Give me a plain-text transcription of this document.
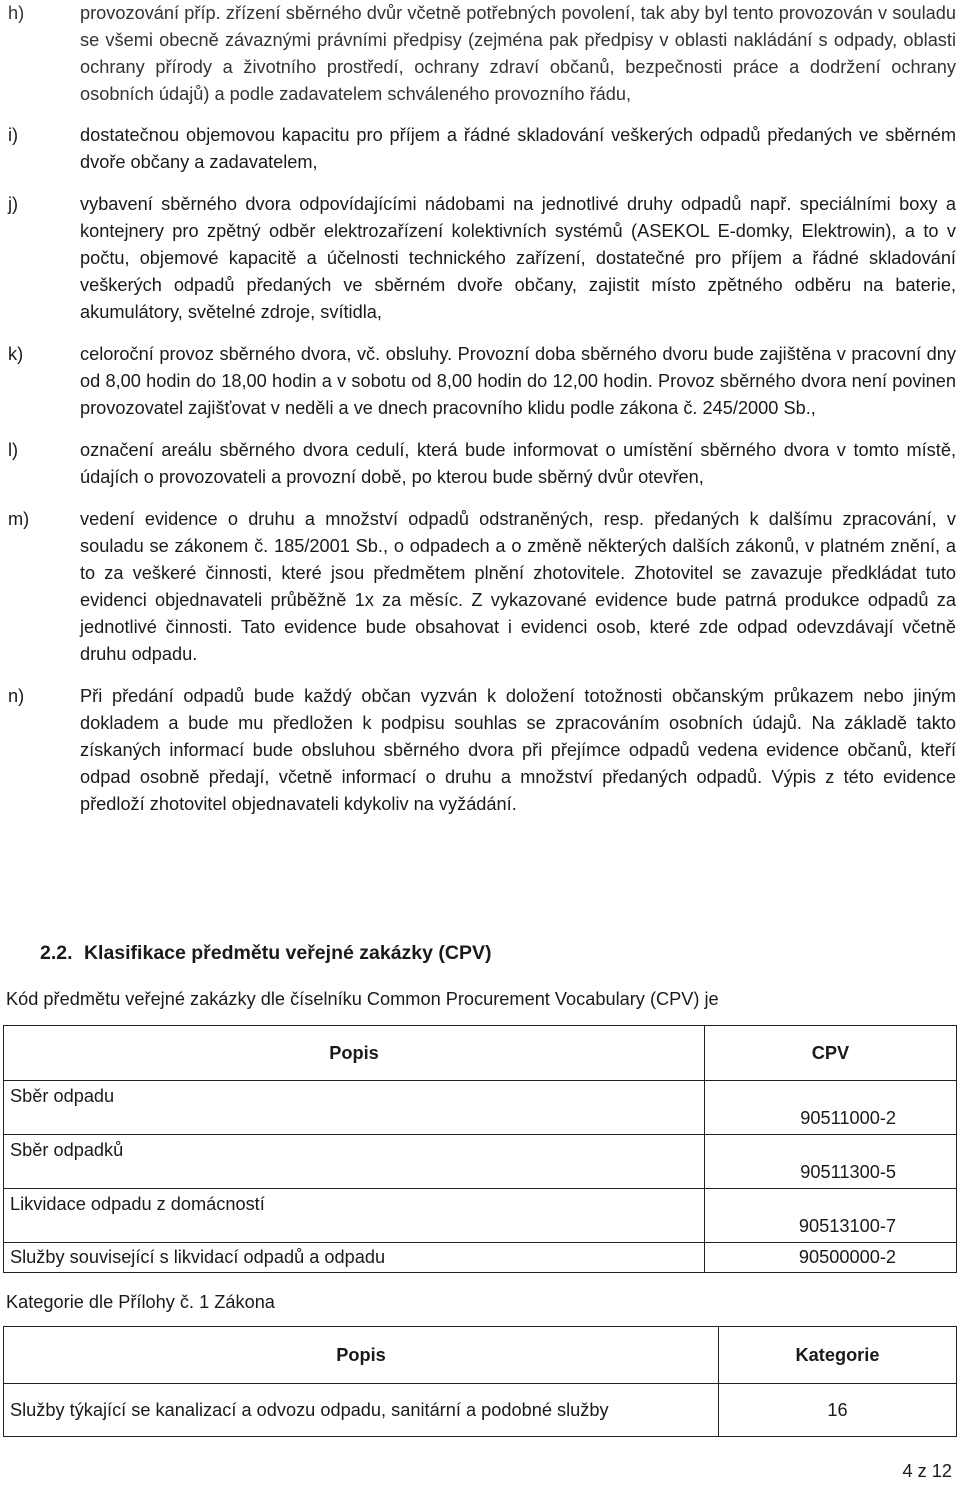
h)	provozování příp. zřízení sběrného dvůr včetně potřebných povolení, tak aby byl tento provozován v souladu se všemi obecně závaznými právními předpisy (zejména pak předpisy v oblasti nakládání s odpady, oblasti ochrany přírody a životního prostředí, ochrany zdraví občanů, bezpečnosti práce a dodržení ochrany osobních údajů) a podle zadavatelem schváleného provozního řádu,
i)	dostatečnou objemovou kapacitu pro příjem a řádné skladování veškerých odpadů předaných ve sběrném dvoře občany a zadavatelem,
j)	vybavení sběrného dvora odpovídajícími nádobami na jednotlivé druhy odpadů např. speciálními boxy a kontejnery pro zpětný odběr elektrozařízení kolektivních systémů (ASEKOL E-domky, Elektrowin), a to v počtu, objemové kapacitě a účelnosti technického zařízení, dostatečné pro příjem a řádné skladování veškerých odpadů předaných ve sběrném dvoře občany, zajistit místo zpětného odběru na baterie, akumulátory, světelné zdroje, svítidla,
k)	celoroční provoz sběrného dvora, vč. obsluhy. Provozní doba sběrného dvoru bude zajištěna v pracovní dny od 8,00 hodin do 18,00 hodin a v sobotu od 8,00 hodin do 12,00 hodin. Provoz sběrného dvora není povinen provozovatel zajišťovat v neděli a ve dnech pracovního klidu podle zákona č. 245/2000 Sb.,
l)	označení areálu sběrného dvora cedulí, která bude informovat o umístění sběrného dvora v tomto místě, údajích o provozovateli a provozní době, po kterou bude sběrný dvůr otevřen,
m)	vedení evidence o druhu a množství odpadů odstraněných, resp. předaných k dalšímu zpracování, v souladu se zákonem č. 185/2001 Sb., o odpadech a o změně některých dalších zákonů, v platném znění, a to za veškeré činnosti, které jsou předmětem plnění zhotovitele. Zhotovitel se zavazuje předkládat tuto evidenci objednavateli průběžně 1x za měsíc. Z vykazované evidence bude patrná produkce odpadů za jednotlivé činnosti. Tato evidence bude obsahovat i evidenci osob, které zde odpad odevzdávají včetně druhu odpadu.
n)	Při předání odpadů bude každý občan vyzván k doložení totožnosti občanským průkazem nebo jiným dokladem a bude mu předložen k podpisu souhlas se zpracováním osobních údajů. Na základě takto získaných informací bude obsluhou sběrného dvora při přejímce odpadů vedena evidence občanů, kteří odpad osobně předají, včetně informací o druhu a množství předaných odpadů. Výpis z této evidence předloží zhotovitel objednavateli kdykoliv na vyžádání.
2.2. Klasifikace předmětu veřejné zakázky (CPV)

Kód předmětu veřejné zakázky dle číselníku Common Procurement Vocabulary (CPV) je

Popis	CPV
Sběr odpadu	90511000-2
Sběr odpadků	90511300-5
Likvidace odpadu z domácností	90513100-7
Služby související s likvidací odpadů a odpadu	90500000-2

Kategorie dle Přílohy č. 1 Zákona

Popis	Kategorie
Služby týkající se kanalizací a odvozu odpadu, sanitární a podobné služby	16

4 z 12
